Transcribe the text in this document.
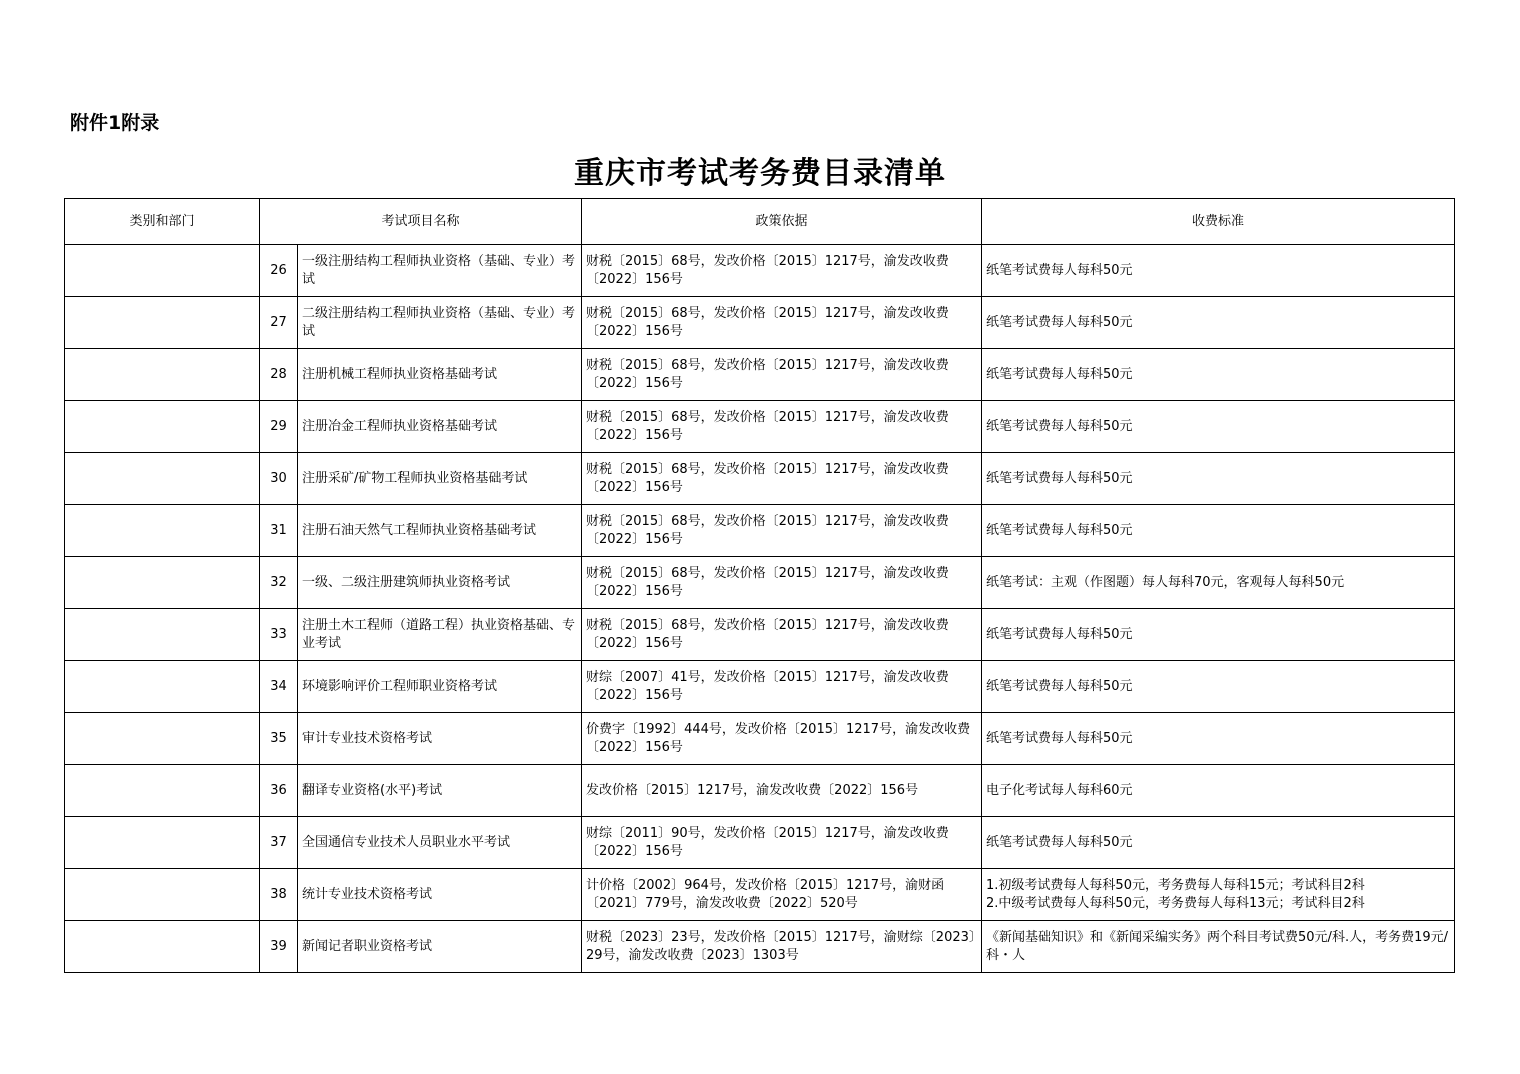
附件1附录
重庆市考试考务费目录清单
类别和部门	考试项目名称		政策依据	收费标准
	26	一级注册结构工程师执业资格（基础、专业）考试	财税〔2015〕68号，发改价格〔2015〕1217号，渝发改收费〔2022〕156号	纸笔考试费每人每科50元
	27	二级注册结构工程师执业资格（基础、专业）考试	财税〔2015〕68号，发改价格〔2015〕1217号，渝发改收费〔2022〕156号	纸笔考试费每人每科50元
	28	注册机械工程师执业资格基础考试	财税〔2015〕68号，发改价格〔2015〕1217号，渝发改收费〔2022〕156号	纸笔考试费每人每科50元
	29	注册冶金工程师执业资格基础考试	财税〔2015〕68号，发改价格〔2015〕1217号，渝发改收费〔2022〕156号	纸笔考试费每人每科50元
	30	注册采矿/矿物工程师执业资格基础考试	财税〔2015〕68号，发改价格〔2015〕1217号，渝发改收费〔2022〕156号	纸笔考试费每人每科50元
	31	注册石油天然气工程师执业资格基础考试	财税〔2015〕68号，发改价格〔2015〕1217号，渝发改收费〔2022〕156号	纸笔考试费每人每科50元
	32	一级、二级注册建筑师执业资格考试	财税〔2015〕68号，发改价格〔2015〕1217号，渝发改收费〔2022〕156号	纸笔考试：主观（作图题）每人每科70元，客观每人每科50元
	33	注册土木工程师（道路工程）执业资格基础、专业考试	财税〔2015〕68号，发改价格〔2015〕1217号，渝发改收费〔2022〕156号	纸笔考试费每人每科50元
	34	环境影响评价工程师职业资格考试	财综〔2007〕41号，发改价格〔2015〕1217号，渝发改收费〔2022〕156号	纸笔考试费每人每科50元
	35	审计专业技术资格考试	价费字〔1992〕444号，发改价格〔2015〕1217号，渝发改收费〔2022〕156号	纸笔考试费每人每科50元
	36	翻译专业资格(水平)考试	发改价格〔2015〕1217号，渝发改收费〔2022〕156号	电子化考试每人每科60元
	37	全国通信专业技术人员职业水平考试	财综〔2011〕90号，发改价格〔2015〕1217号，渝发改收费〔2022〕156号	纸笔考试费每人每科50元
	38	统计专业技术资格考试	计价格〔2002〕964号，发改价格〔2015〕1217号，渝财函〔2021〕779号，渝发改收费〔2022〕520号	1.初级考试费每人每科50元，考务费每人每科15元；考试科目2科
2.中级考试费每人每科50元，考务费每人每科13元；考试科目2科
	39	新闻记者职业资格考试	财税〔2023〕23号，发改价格〔2015〕1217号，渝财综〔2023〕29号，渝发改收费〔2023〕1303号	《新闻基础知识》和《新闻采编实务》两个科目考试费50元/科.人，考务费19元/科・人
